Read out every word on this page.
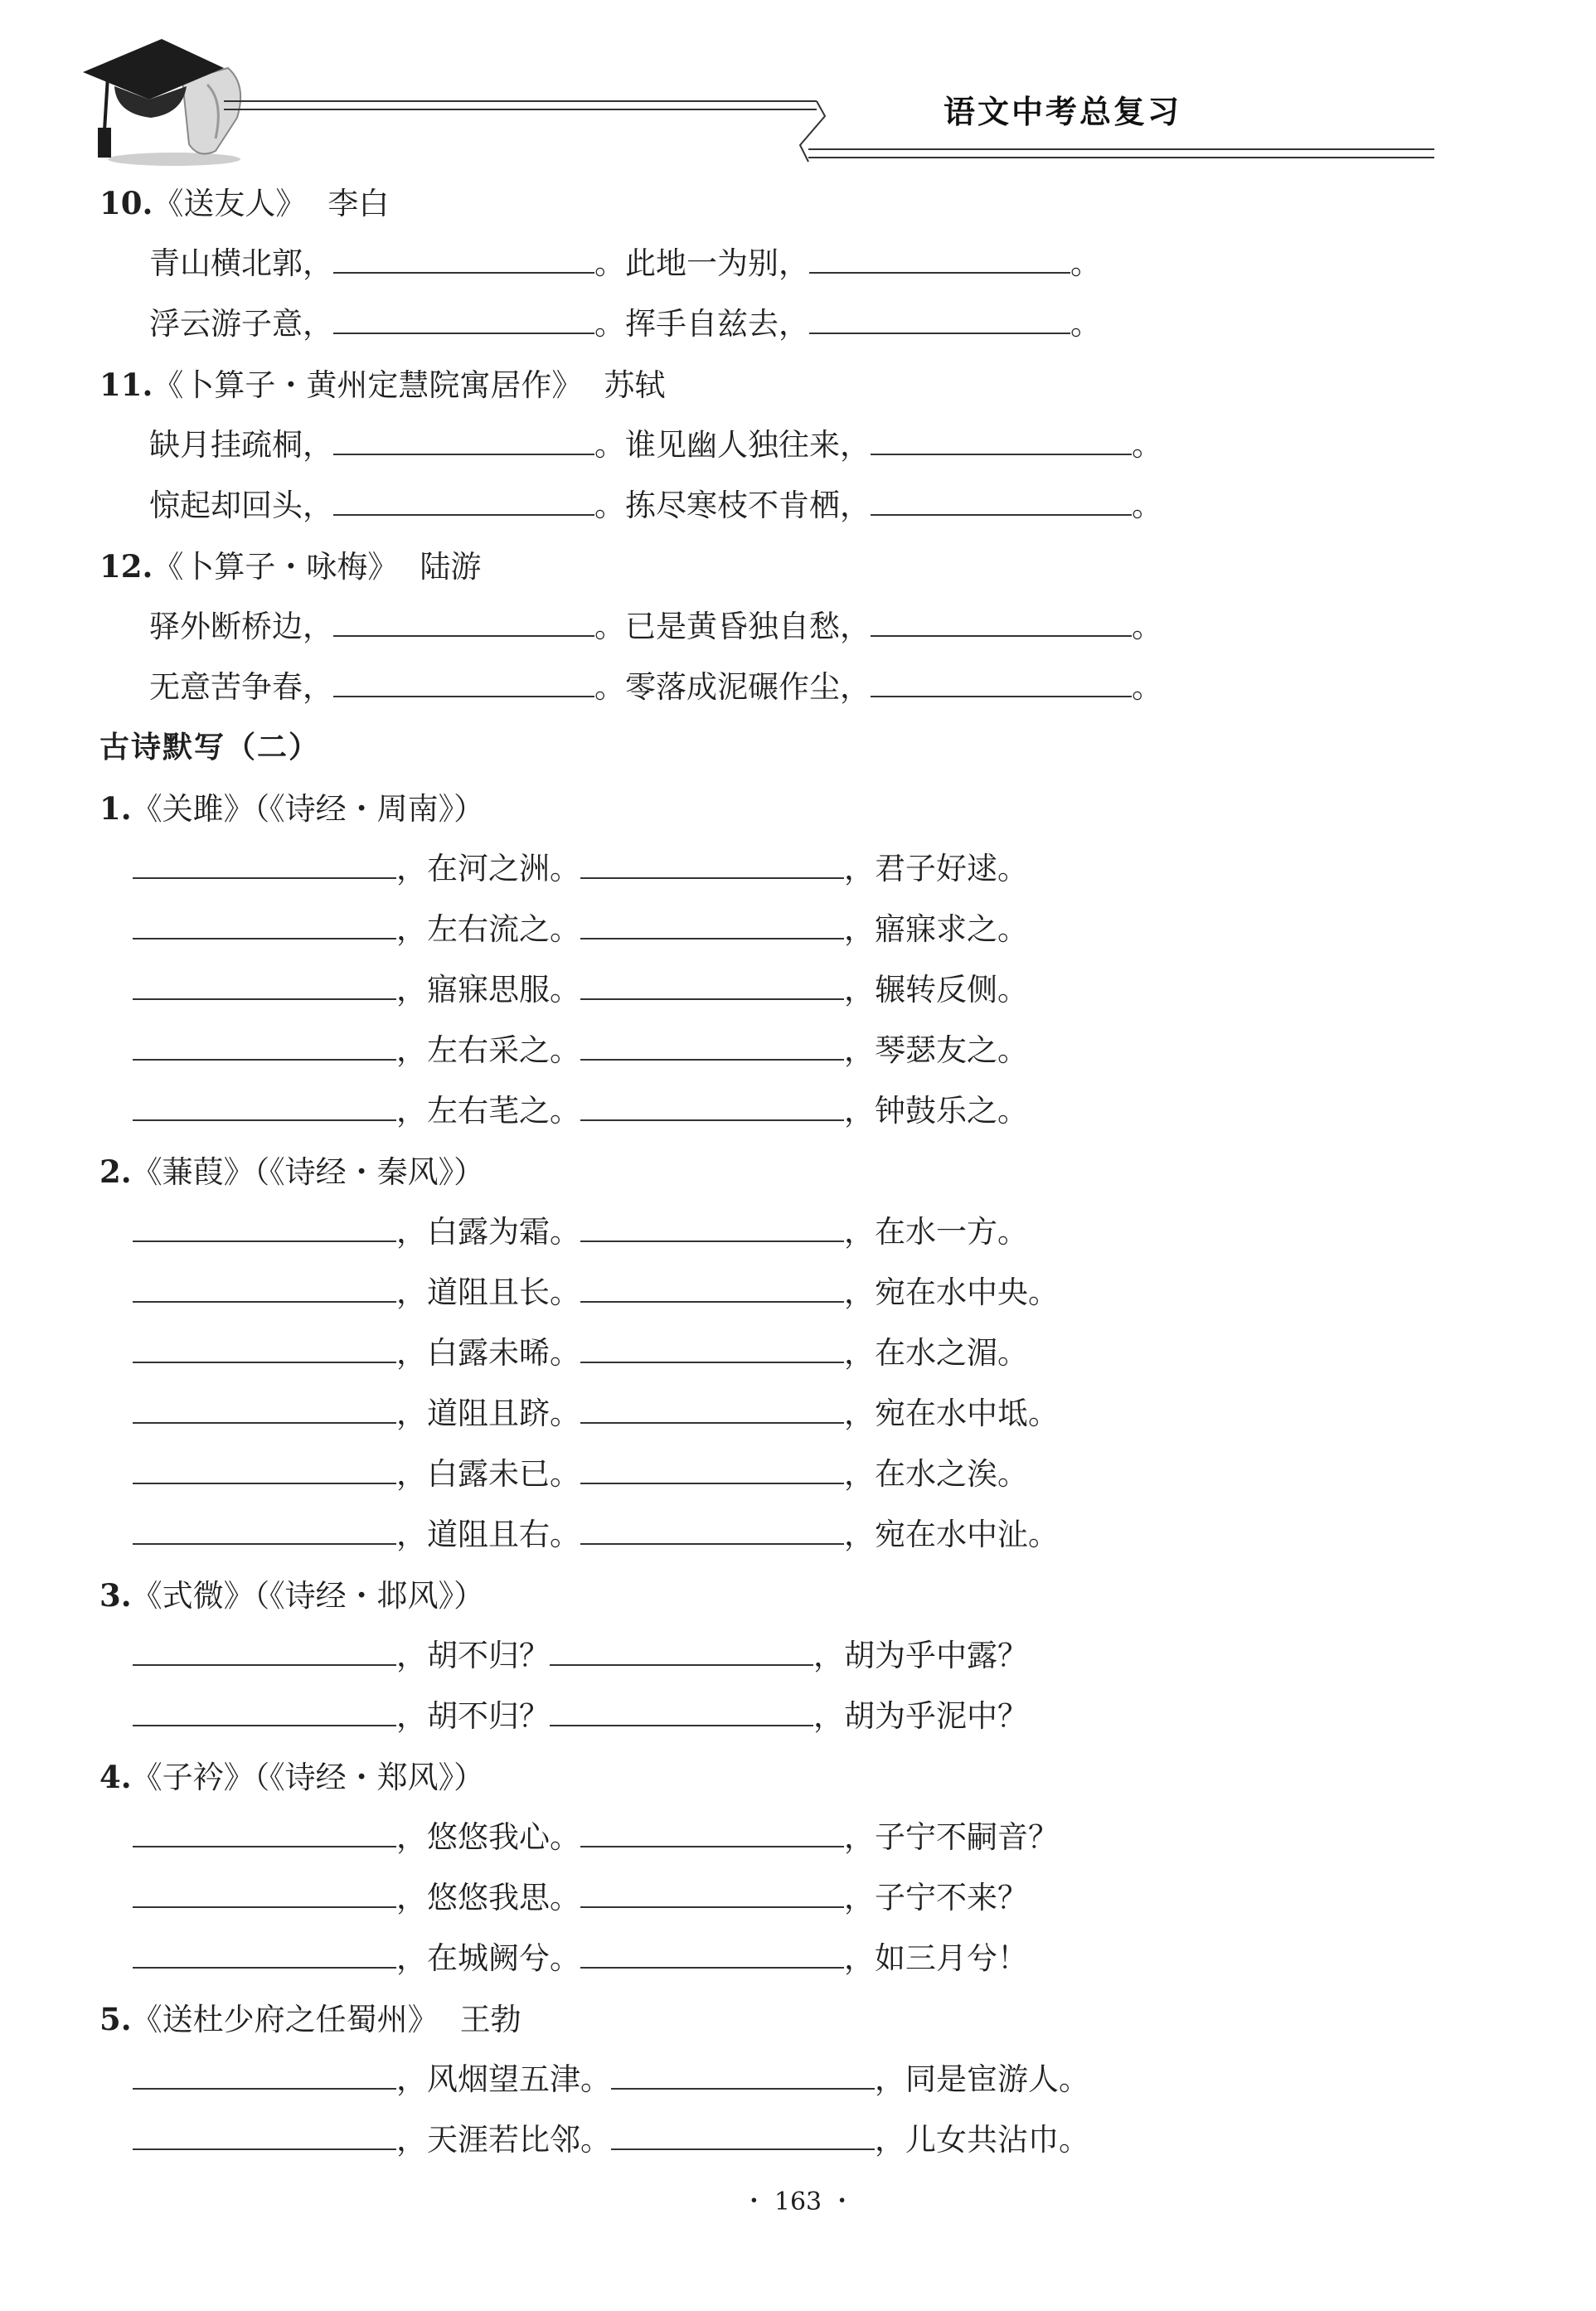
语文中考总复习
10.《送友人》 李白
青山横北郭，	。此地一为别，	。
浮云游子意，	。挥手自兹去，	。
11.《卜算子・黄州定慧院寓居作》 苏轼
缺月挂疏桐，	。谁见幽人独往来，	。
惊起却回头，	。拣尽寒枝不肯栖，	。
12.《卜算子・咏梅》 陆游
驿外断桥边，	。已是黄昏独自愁，	。
无意苦争春，	。零落成泥碾作尘，	。
古诗默写（二）
1.《关雎》（《诗经・周南》）
，在河之洲。	，君子好逑。
，左右流之。	，寤寐求之。
，寤寐思服。	，辗转反侧。
，左右采之。	，琴瑟友之。
，左右芼之。	，钟鼓乐之。
2.《蒹葭》（《诗经・秦风》）
，白露为霜。	，在水一方。
，道阻且长。	，宛在水中央。
，白露未晞。	，在水之湄。
，道阻且跻。	，宛在水中坻。
，白露未已。	，在水之涘。
，道阻且右。	，宛在水中沚。
3.《式微》（《诗经・邶风》）
，胡不归？	，胡为乎中露？
，胡不归？	，胡为乎泥中？
4.《子衿》（《诗经・郑风》）
，悠悠我心。	，子宁不嗣音？
，悠悠我思。	，子宁不来？
，在城阙兮。	，如三月兮！
5.《送杜少府之任蜀州》 王勃
，风烟望五津。	，同是宦游人。
，天涯若比邻。	，儿女共沾巾。
・ 163 ・
